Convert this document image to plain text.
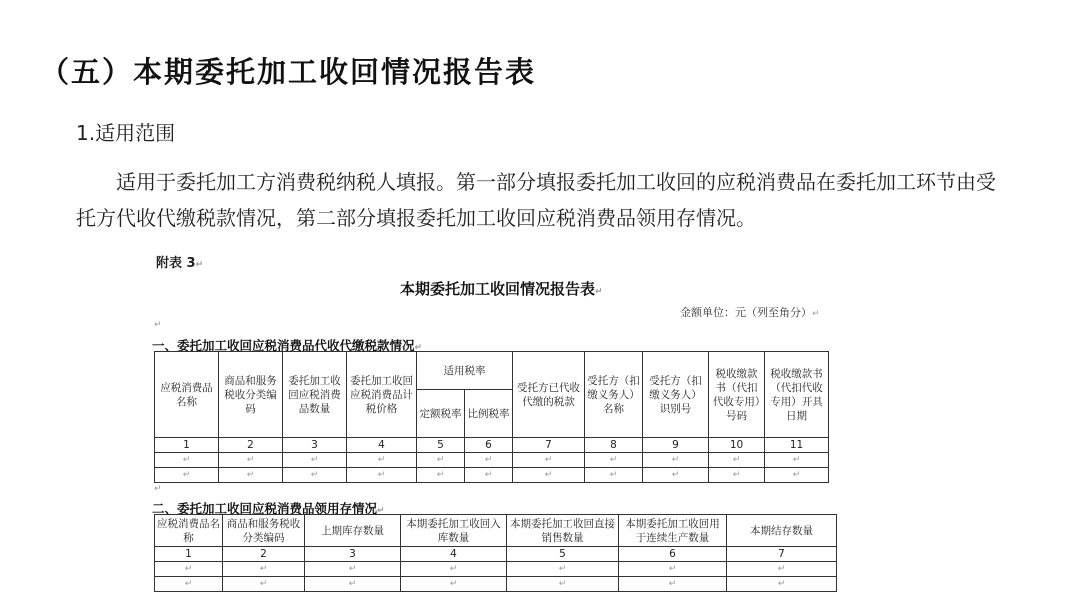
（五）本期委托加工收回情况报告表
1.适用范围
适用于委托加工方消费税纳税人填报。第一部分填报委托加工收回的应税消费品在委托加工环节由受托方代收代缴税款情况，第二部分填报委托加工收回应税消费品领用存情况。
附表 3↵
本期委托加工收回情况报告表↵
金额单位：元（列至角分）↵
↵
一、委托加工收回应税消费品代收代缴税款情况↵
应税消费品名称	商品和服务税收分类编码	委托加工收回应税消费品数量	委托加工收回应税消费品计税价格	适用税率		受托方已代收代缴的税款	受托方（扣缴义务人）名称	受托方（扣缴义务人）识别号	税收缴款书（代扣代收专用）号码	税收缴款书（代扣代收专用）开具日期
				定额税率	比例税率					
1	2	3	4	5	6	7	8	9	10	11
↵	↵	↵	↵	↵	↵	↵	↵	↵	↵	↵
↵	↵	↵	↵	↵	↵	↵	↵	↵	↵	↵
↵
二、委托加工收回应税消费品领用存情况↵
应税消费品名称	商品和服务税收分类编码	上期库存数量	本期委托加工收回入库数量	本期委托加工收回直接销售数量	本期委托加工收回用于连续生产数量	本期结存数量
1	2	3	4	5	6	7
↵	↵	↵	↵	↵	↵	↵
↵	↵	↵	↵	↵	↵	↵
